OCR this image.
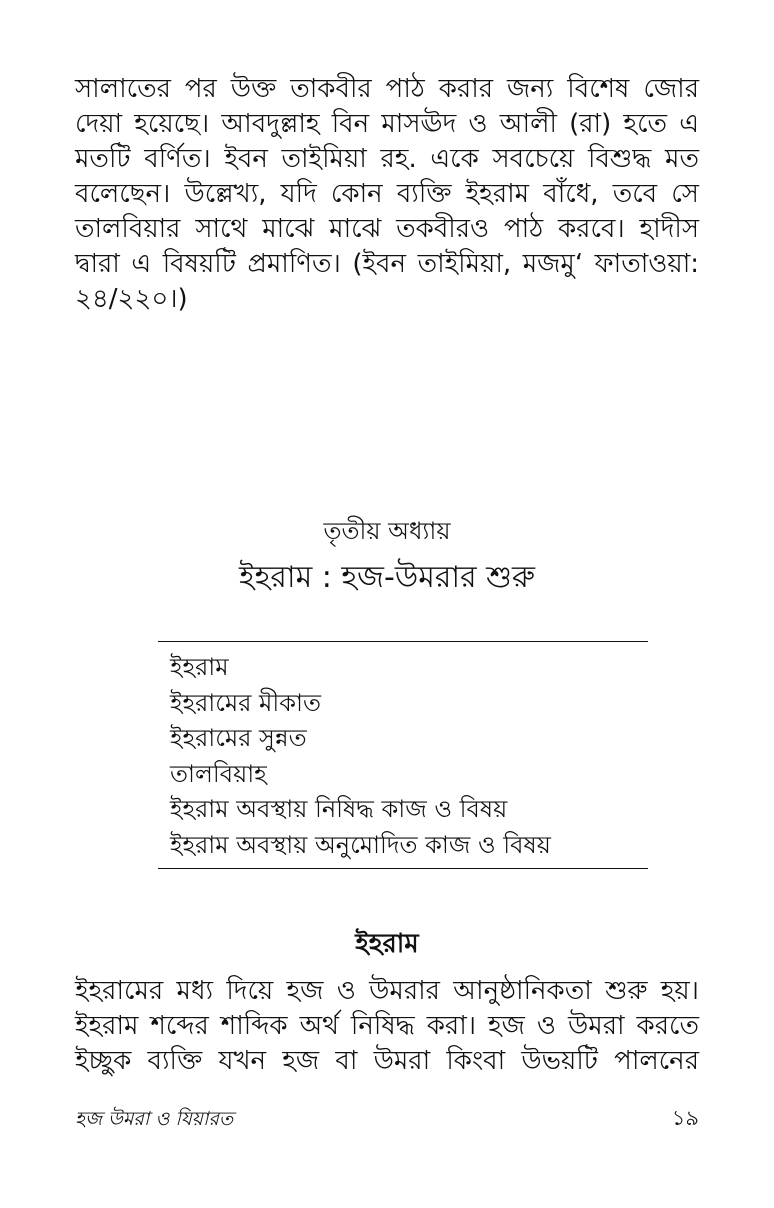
সালাতের পর উক্ত তাকবীর পাঠ করার জন্য বিশেষ জোর দেয়া হয়েছে। আবদুল্লাহ বিন মাসঊদ ও আলী (রা) হতে এ মতটি বর্ণিত। ইবন তাইমিয়া রহ. একে সবচেয়ে বিশুদ্ধ মত বলেছেন। উল্লেখ্য, যদি কোন ব্যক্তি ইহরাম বাঁধে, তবে সে তালবিয়ার সাথে মাঝে মাঝে তকবীরও পাঠ করবে। হাদীস দ্বারা এ বিষয়টি প্রমাণিত। (ইবন তাইমিয়া, মজমু‘ ফাতাওয়া: ২৪/২২০।)

তৃতীয় অধ্যায়

ইহরাম : হজ-উমরার শুরু

ইহরাম
ইহরামের মীকাত
ইহরামের সুন্নত
তালবিয়াহ
ইহরাম অবস্থায় নিষিদ্ধ কাজ ও বিষয়
ইহরাম অবস্থায় অনুমোদিত কাজ ও বিষয়

ইহরাম

ইহরামের মধ্য দিয়ে হজ ও উমরার আনুষ্ঠানিকতা শুরু হয়। ইহরাম শব্দের শাব্দিক অর্থ নিষিদ্ধ করা। হজ ও উমরা করতে ইচ্ছুক ব্যক্তি যখন হজ বা উমরা কিংবা উভয়টি পালনের

হজ উমরা ও যিয়ারত	১৯
